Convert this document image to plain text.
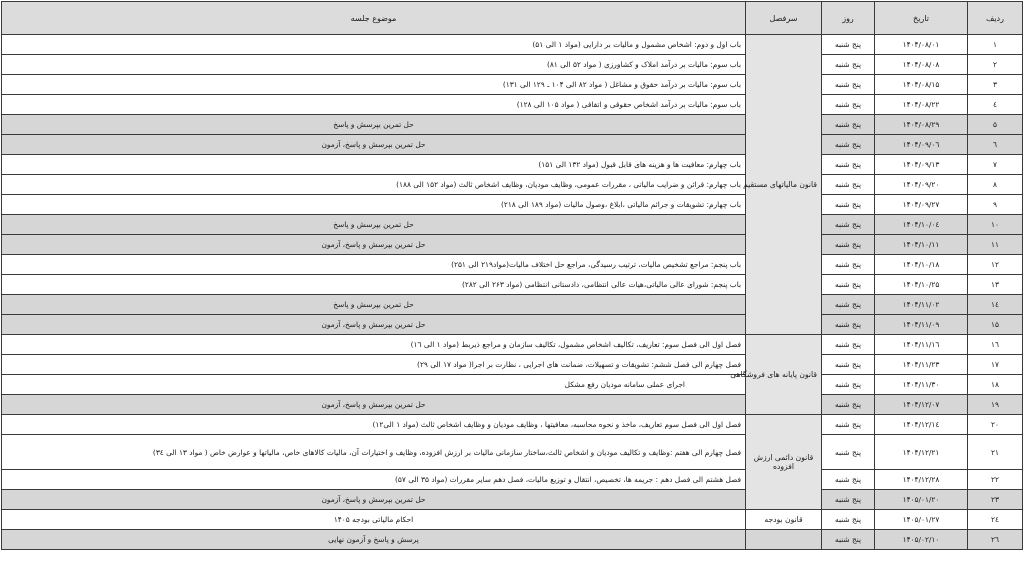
ردیف	تاریخ	روز	سرفصل	موضوع جلسه
۱	۱۴۰۴/۰۸/۰۱	پنج شنبه	قانون مالیاتهای مستقیم	باب اول و دوم: اشخاص مشمول و مالیات بر دارایی (مواد ۱ الی ۵۱)
۲	۱۴۰۴/۰۸/۰۸	پنج شنبه		باب سوم: مالیات بر درآمد املاک و کشاورزی ( مواد ۵۲ الی ۸۱)
۳	۱۴۰۴/۰۸/۱۵	پنج شنبه		باب سوم: مالیات بر درآمد حقوق و مشاغل ( مواد ۸۲ الی ۱۰۴ ـ ۱۲۹ الی ۱۳۱)
٤	۱۴۰۴/۰۸/۲۲	پنج شنبه		باب سوم: مالیات بر درآمد اشخاص حقوقی و اتفاقی ( مواد ۱۰۵ الی ۱۲۸)
۵	۱۴۰۴/۰۸/۲۹	پنج شنبه		حل تمرین بپرسش و پاسخ
٦	۱۴۰۴/۰۹/۰٦	پنج شنبه		حل تمرین بپرسش و پاسخ، آزمون
۷	۱۴۰۴/۰۹/۱۳	پنج شنبه		باب چهارم: معافیت ها و هزینه های قابل قبول (مواد ۱۳۲ الی ۱۵۱)
۸	۱۴۰۴/۰۹/۲۰	پنج شنبه		باب چهارم: قرائن و ضرایب مالیاتی ، مقررات عمومی، وظایف مودیان، وظایف اشخاص ثالث (مواد ۱۵۲ الی ۱۸۸)
۹	۱۴۰۴/۰۹/۲۷	پنج شنبه		باب چهارم: تشویقات و جرائم مالیاتی ،ابلاغ ،وصول مالیات (مواد ۱۸۹ الی ۲۱۸)
۱۰	۱۴۰۴/۱۰/۰٤	پنج شنبه		حل تمرین بپرسش و پاسخ
۱۱	۱۴۰۴/۱۰/۱۱	پنج شنبه		حل تمرین بپرسش و پاسخ، آزمون
۱۲	۱۴۰۴/۱۰/۱۸	پنج شنبه		باب پنجم: مراجع تشخیص مالیات، ترتیب رسیدگی، مراجع حل اختلاف مالیات(مواد۲۱۹ الی ۲۵۱)
۱۳	۱۴۰۴/۱۰/۲۵	پنج شنبه		باب پنجم: شورای عالی مالیاتی،هیات عالی انتظامی، دادستانی انتظامی (مواد ۲۶۳ الی ۲۸۲)
۱٤	۱۴۰۴/۱۱/۰۲	پنج شنبه		حل تمرین بپرسش و پاسخ
۱۵	۱۴۰۴/۱۱/۰۹	پنج شنبه		حل تمرین بپرسش و پاسخ، آزمون
۱٦	۱۴۰۴/۱۱/۱٦	پنج شنبه	قانون پایانه های فروشگاهی	فصل اول الی فصل سوم: تعاریف، تکالیف اشخاص مشمول، تکالیف سازمان و مراجع ذیربط (مواد ۱ الی ۱٦)
۱۷	۱۴۰۴/۱۱/۲۳	پنج شنبه		فصل چهارم الی فصل ششم: تشویقات و تسهیلات، ضمانت های اجرایی ، نظارت بر اجرا( مواد ۱۷ الی ۲۹)
۱۸	۱۴۰۴/۱۱/۳۰	پنج شنبه		اجرای عملی سامانه مودیان رفع مشکل
۱۹	۱۴۰۴/۱۲/۰۷	پنج شنبه		حل تمرین بپرسش و پاسخ، آزمون
۲۰	۱۴۰۴/۱۲/۱٤	پنج شنبه	قانون دائمی ارزش افزوده	فصل اول الی فصل سوم تعاریف، ماخذ و نحوه محاسبه، معافیتها ، وظایف مودیان و وظایف اشخاص ثالث (مواد ۱ الی۱۲)
۲۱	۱۴۰۴/۱۲/۲۱	پنج شنبه		فصل چهارم الی هفتم :وظایف و تکالیف مودیان و اشخاص ثالث،ساختار سازمانی مالیات بر ارزش افزوده، وظایف و اختیارات آن، مالیات کالاهای خاص، مالیاتها و عوارض خاص ( مواد ۱۳ الی ۳٤)
۲۲	۱۴۰۴/۱۲/۲۸	پنج شنبه		فصل هشتم الی فصل دهم : جریمه ها، تخصیص، انتقال و توزیع مالیات، فصل دهم سایر مقررات (مواد ۳۵ الی ۵۷)
۲۳	۱۴۰۵/۰۱/۲۰	پنج شنبه		حل تمرین بپرسش و پاسخ، آزمون
۲٤	۱۴۰۵/۰۱/۲۷	پنج شنبه	قانون بودجه	احکام مالیاتی بودجه ۱۴۰۵
۲٦	۱۴۰۵/۰۲/۱۰	پنج شنبه		پرسش و پاسخ و آزمون نهایی
